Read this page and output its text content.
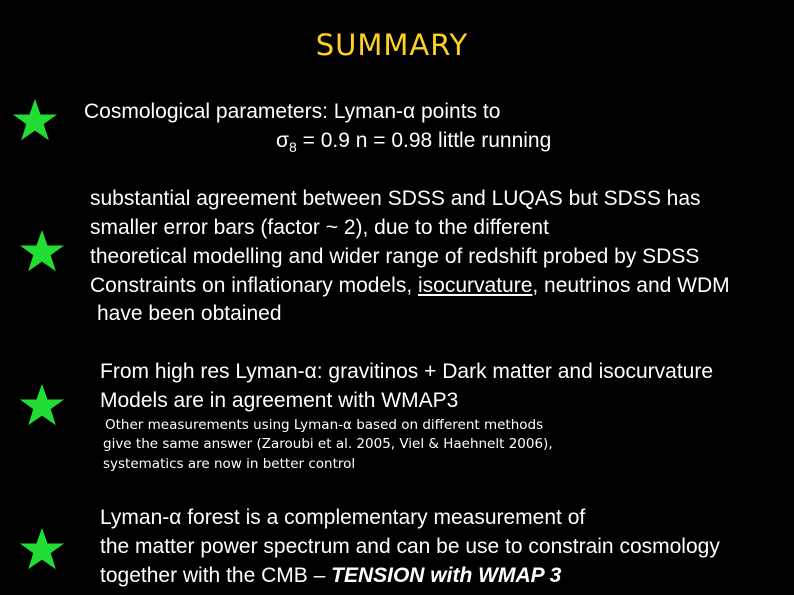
SUMMARY
Cosmological parameters: Lyman-α points to
$\sigma_8 = 0.9$ n = 0.98 little running
substantial agreement between SDSS and LUQAS but SDSS has
smaller error bars (factor ~ 2), due to the different
theoretical modelling and wider range of redshift probed by SDSS
Constraints on inflationary models, isocurvature, neutrinos and WDM
have been obtained
From high res Lyman-α: gravitinos + Dark matter and isocurvature
Models are in agreement with WMAP3
Other measurements using Lyman-α based on different methods
give the same answer (Zaroubi et al. 2005, Viel & Haehnelt 2006),
systematics are now in better control
Lyman-α forest is a complementary measurement of
the matter power spectrum and can be use to constrain cosmology
together with the CMB – TENSION with WMAP 3
